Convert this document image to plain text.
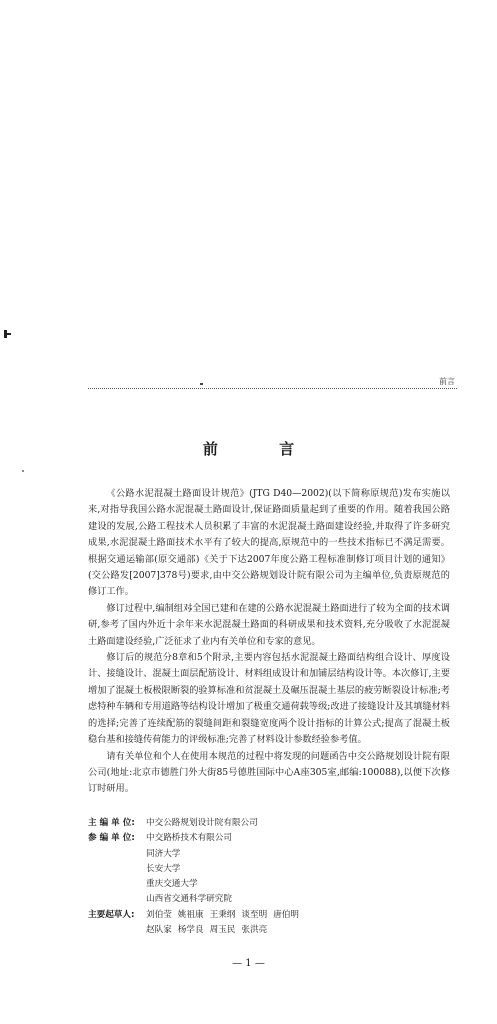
前言
前 言

《公路水泥混凝土路面设计规范》(JTG D40—2002)(以下简称原规范)发布实施以来,对指导我国公路水泥混凝土路面设计,保证路面质量起到了重要的作用。随着我国公路建设的发展,公路工程技术人员积累了丰富的水泥混凝土路面建设经验,并取得了许多研究成果,水泥混凝土路面技术水平有了较大的提高,原规范中的一些技术指标已不满足需要。根据交通运输部(原交通部)《关于下达2007年度公路工程标准制修订项目计划的通知》(交公路发[2007]378号)要求,由中交公路规划设计院有限公司为主编单位,负责原规范的修订工作。

修订过程中,编制组对全国已建和在建的公路水泥混凝土路面进行了较为全面的技术调研,参考了国内外近十余年来水泥混凝土路面的科研成果和技术资料,充分吸收了水泥混凝土路面建设经验,广泛征求了业内有关单位和专家的意见。

修订后的规范分8章和5个附录,主要内容包括水泥混凝土路面结构组合设计、厚度设计、接缝设计、混凝土面层配筋设计、材料组成设计和加铺层结构设计等。本次修订,主要增加了混凝土板极限断裂的验算标准和贫混凝土及碾压混凝土基层的疲劳断裂设计标准;考虑特种车辆和专用道路等结构设计增加了极重交通荷载等级;改进了接缝设计及其填缝材料的选择;完善了连续配筋的裂缝间距和裂缝宽度两个设计指标的计算公式;提高了混凝土板稳台基和接缝传荷能力的评级标准;完善了材料设计参数经验参考值。

请有关单位和个人在使用本规范的过程中将发现的问题函告中交公路规划设计院有限公司(地址:北京市德胜门外大街85号德胜国际中心A座305室,邮编:100088),以便下次修订时研用。

主 编 单 位:	中交公路规划设计院有限公司
参 编 单 位:	中交路桥技术有限公司
同济大学
长安大学
重庆交通大学
山西省交通科学研究院
主要起草人:	刘伯莹 姚祖康 王秉纲 谈至明 唐伯明
赵队家 杨学良 周玉民 张洪亮
— 1 —
